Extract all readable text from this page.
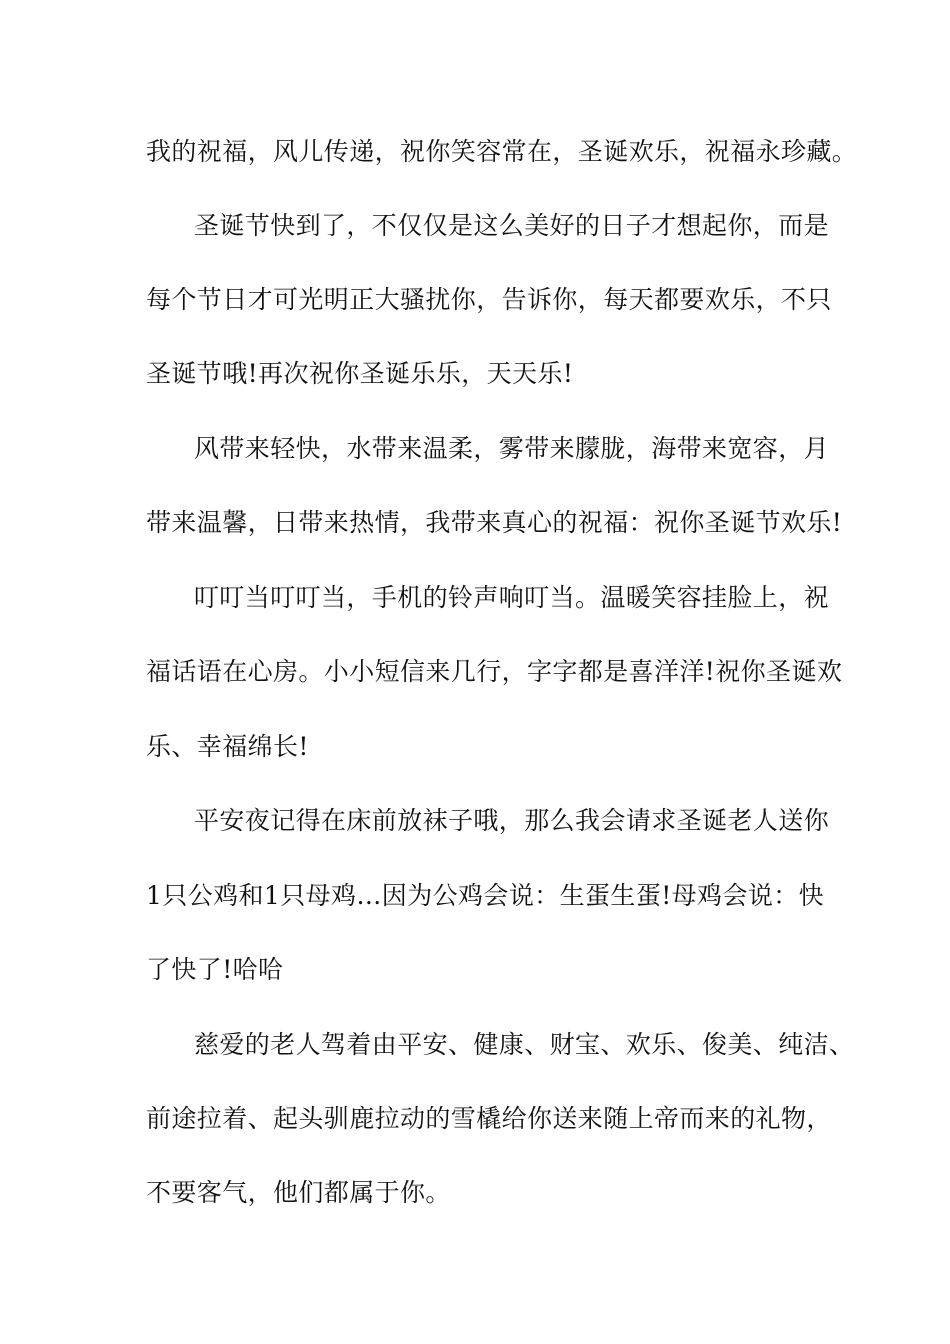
我的祝福，风儿传递，祝你笑容常在，圣诞欢乐，祝福永珍藏。
圣诞节快到了，不仅仅是这么美好的日子才想起你，而是
每个节日才可光明正大骚扰你，告诉你，每天都要欢乐，不只
圣诞节哦!再次祝你圣诞乐乐，天天乐!
风带来轻快，水带来温柔，雾带来朦胧，海带来宽容，月
带来温馨，日带来热情，我带来真心的祝福：祝你圣诞节欢乐!
叮叮当叮叮当，手机的铃声响叮当。温暖笑容挂脸上，祝
福话语在心房。小小短信来几行，字字都是喜洋洋!祝你圣诞欢
乐、幸福绵长!
平安夜记得在床前放袜子哦，那么我会请求圣诞老人送你
1只公鸡和1只母鸡…因为公鸡会说：生蛋生蛋!母鸡会说：快
了快了!哈哈
慈爱的老人驾着由平安、健康、财宝、欢乐、俊美、纯洁、
前途拉着、起头驯鹿拉动的雪橇给你送来随上帝而来的礼物，
不要客气，他们都属于你。
